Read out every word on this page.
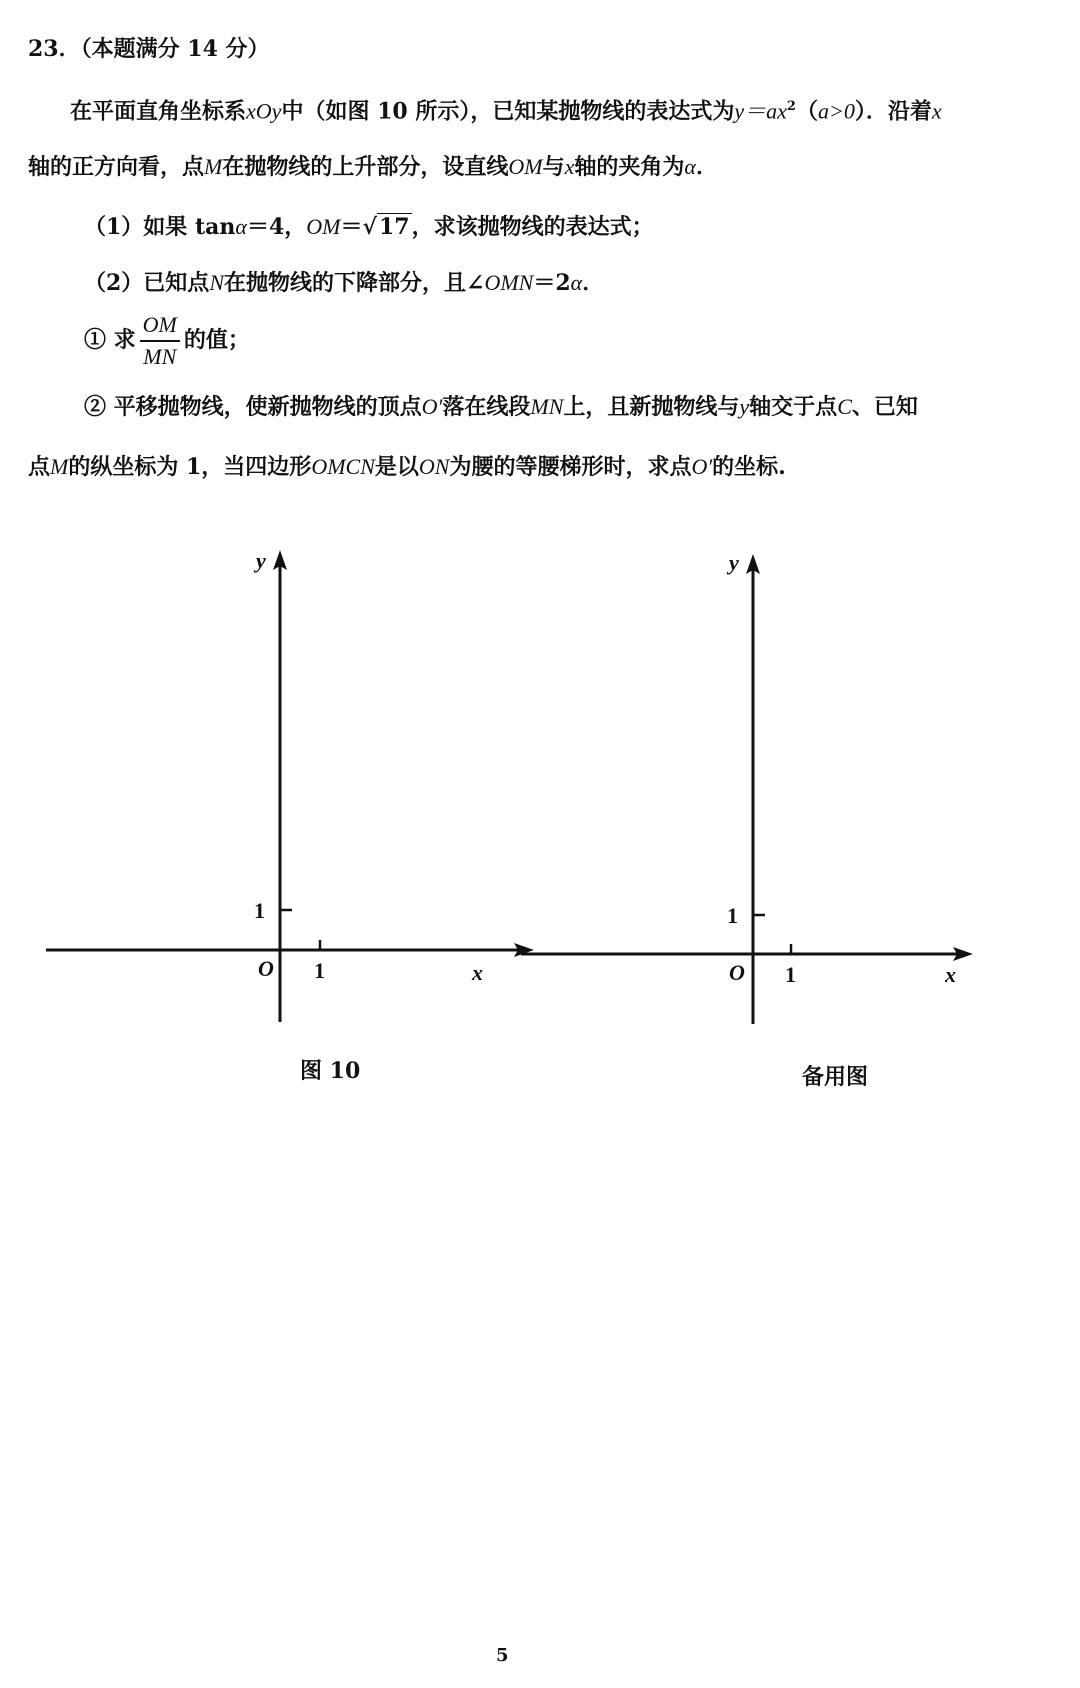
23．（本题满分 14 分）
在平面直角坐标系xOy中（如图 10 所示），已知某抛物线的表达式为$y=ax^2(a>0)$．沿着x
轴的正方向看，点M在抛物线的上升部分，设直线OM与x轴的夹角为α．
（1）如果 tanα＝4，OM＝√17，求该抛物线的表达式；
（2）已知点N在抛物线的下降部分，且∠OMN＝2α．
① 求 $\frac{OM}{MN}$ 的值；
② 平移抛物线，使新抛物线的顶点O′落在线段MN上，且新抛物线与y轴交于点C、已知
点M的纵坐标为 1，当四边形OMCN是以ON为腰的等腰梯形时，求点O′的坐标.
y
x
O 1
1
图 10
y
x
O 1
1
备用图
5
